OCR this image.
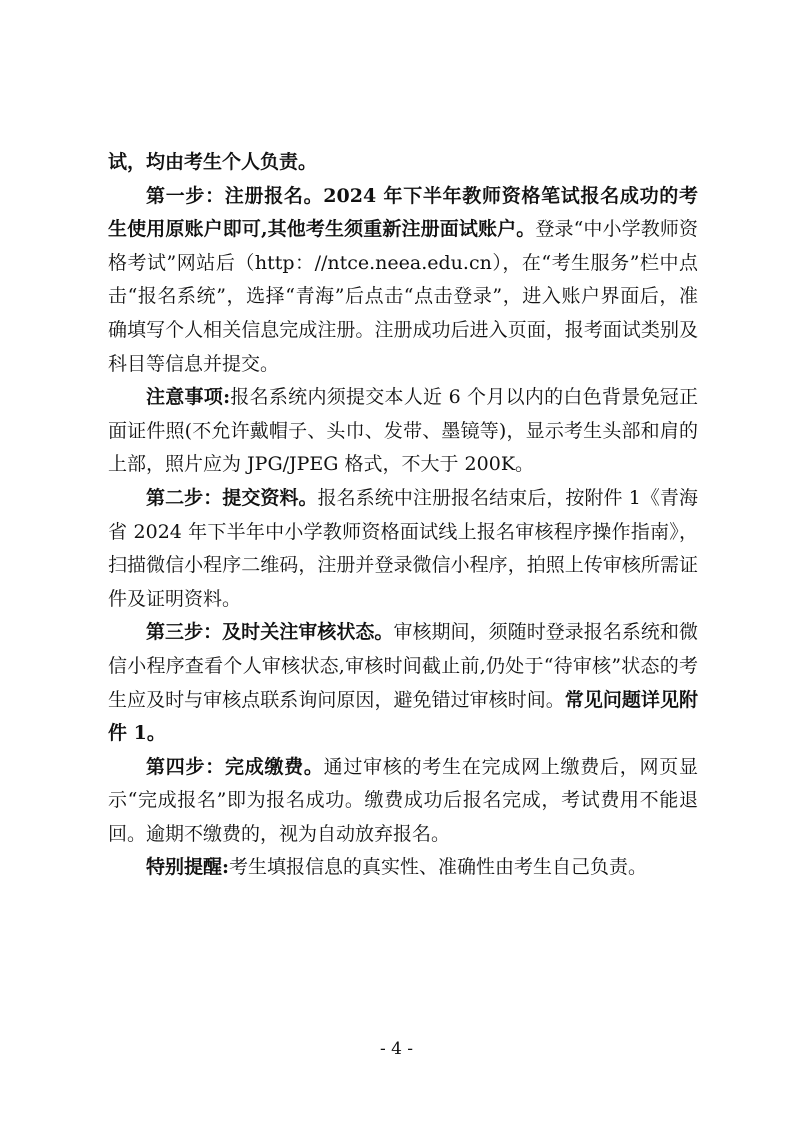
试，均由考生个人负责。

第一步：注册报名。2024 年下半年教师资格笔试报名成功的考生使用原账户即可,其他考生须重新注册面试账户。登录“中小学教师资格考试”网站后（http：//ntce.neea.edu.cn），在“考生服务”栏中点击“报名系统”，选择“青海”后点击“点击登录”，进入账户界面后，准确填写个人相关信息完成注册。注册成功后进入页面，报考面试类别及科目等信息并提交。

注意事项:报名系统内须提交本人近 6 个月以内的白色背景免冠正面证件照(不允许戴帽子、头巾、发带、墨镜等)，显示考生头部和肩的上部，照片应为 JPG/JPEG 格式，不大于 200K。

第二步：提交资料。报名系统中注册报名结束后，按附件 1《青海省 2024 年下半年中小学教师资格面试线上报名审核程序操作指南》，扫描微信小程序二维码，注册并登录微信小程序，拍照上传审核所需证件及证明资料。

第三步：及时关注审核状态。审核期间，须随时登录报名系统和微信小程序查看个人审核状态,审核时间截止前,仍处于“待审核”状态的考生应及时与审核点联系询问原因，避免错过审核时间。常见问题详见附件 1。

第四步：完成缴费。通过审核的考生在完成网上缴费后，网页显示“完成报名”即为报名成功。缴费成功后报名完成，考试费用不能退回。逾期不缴费的，视为自动放弃报名。

特别提醒:考生填报信息的真实性、准确性由考生自己负责。

- 4 -
